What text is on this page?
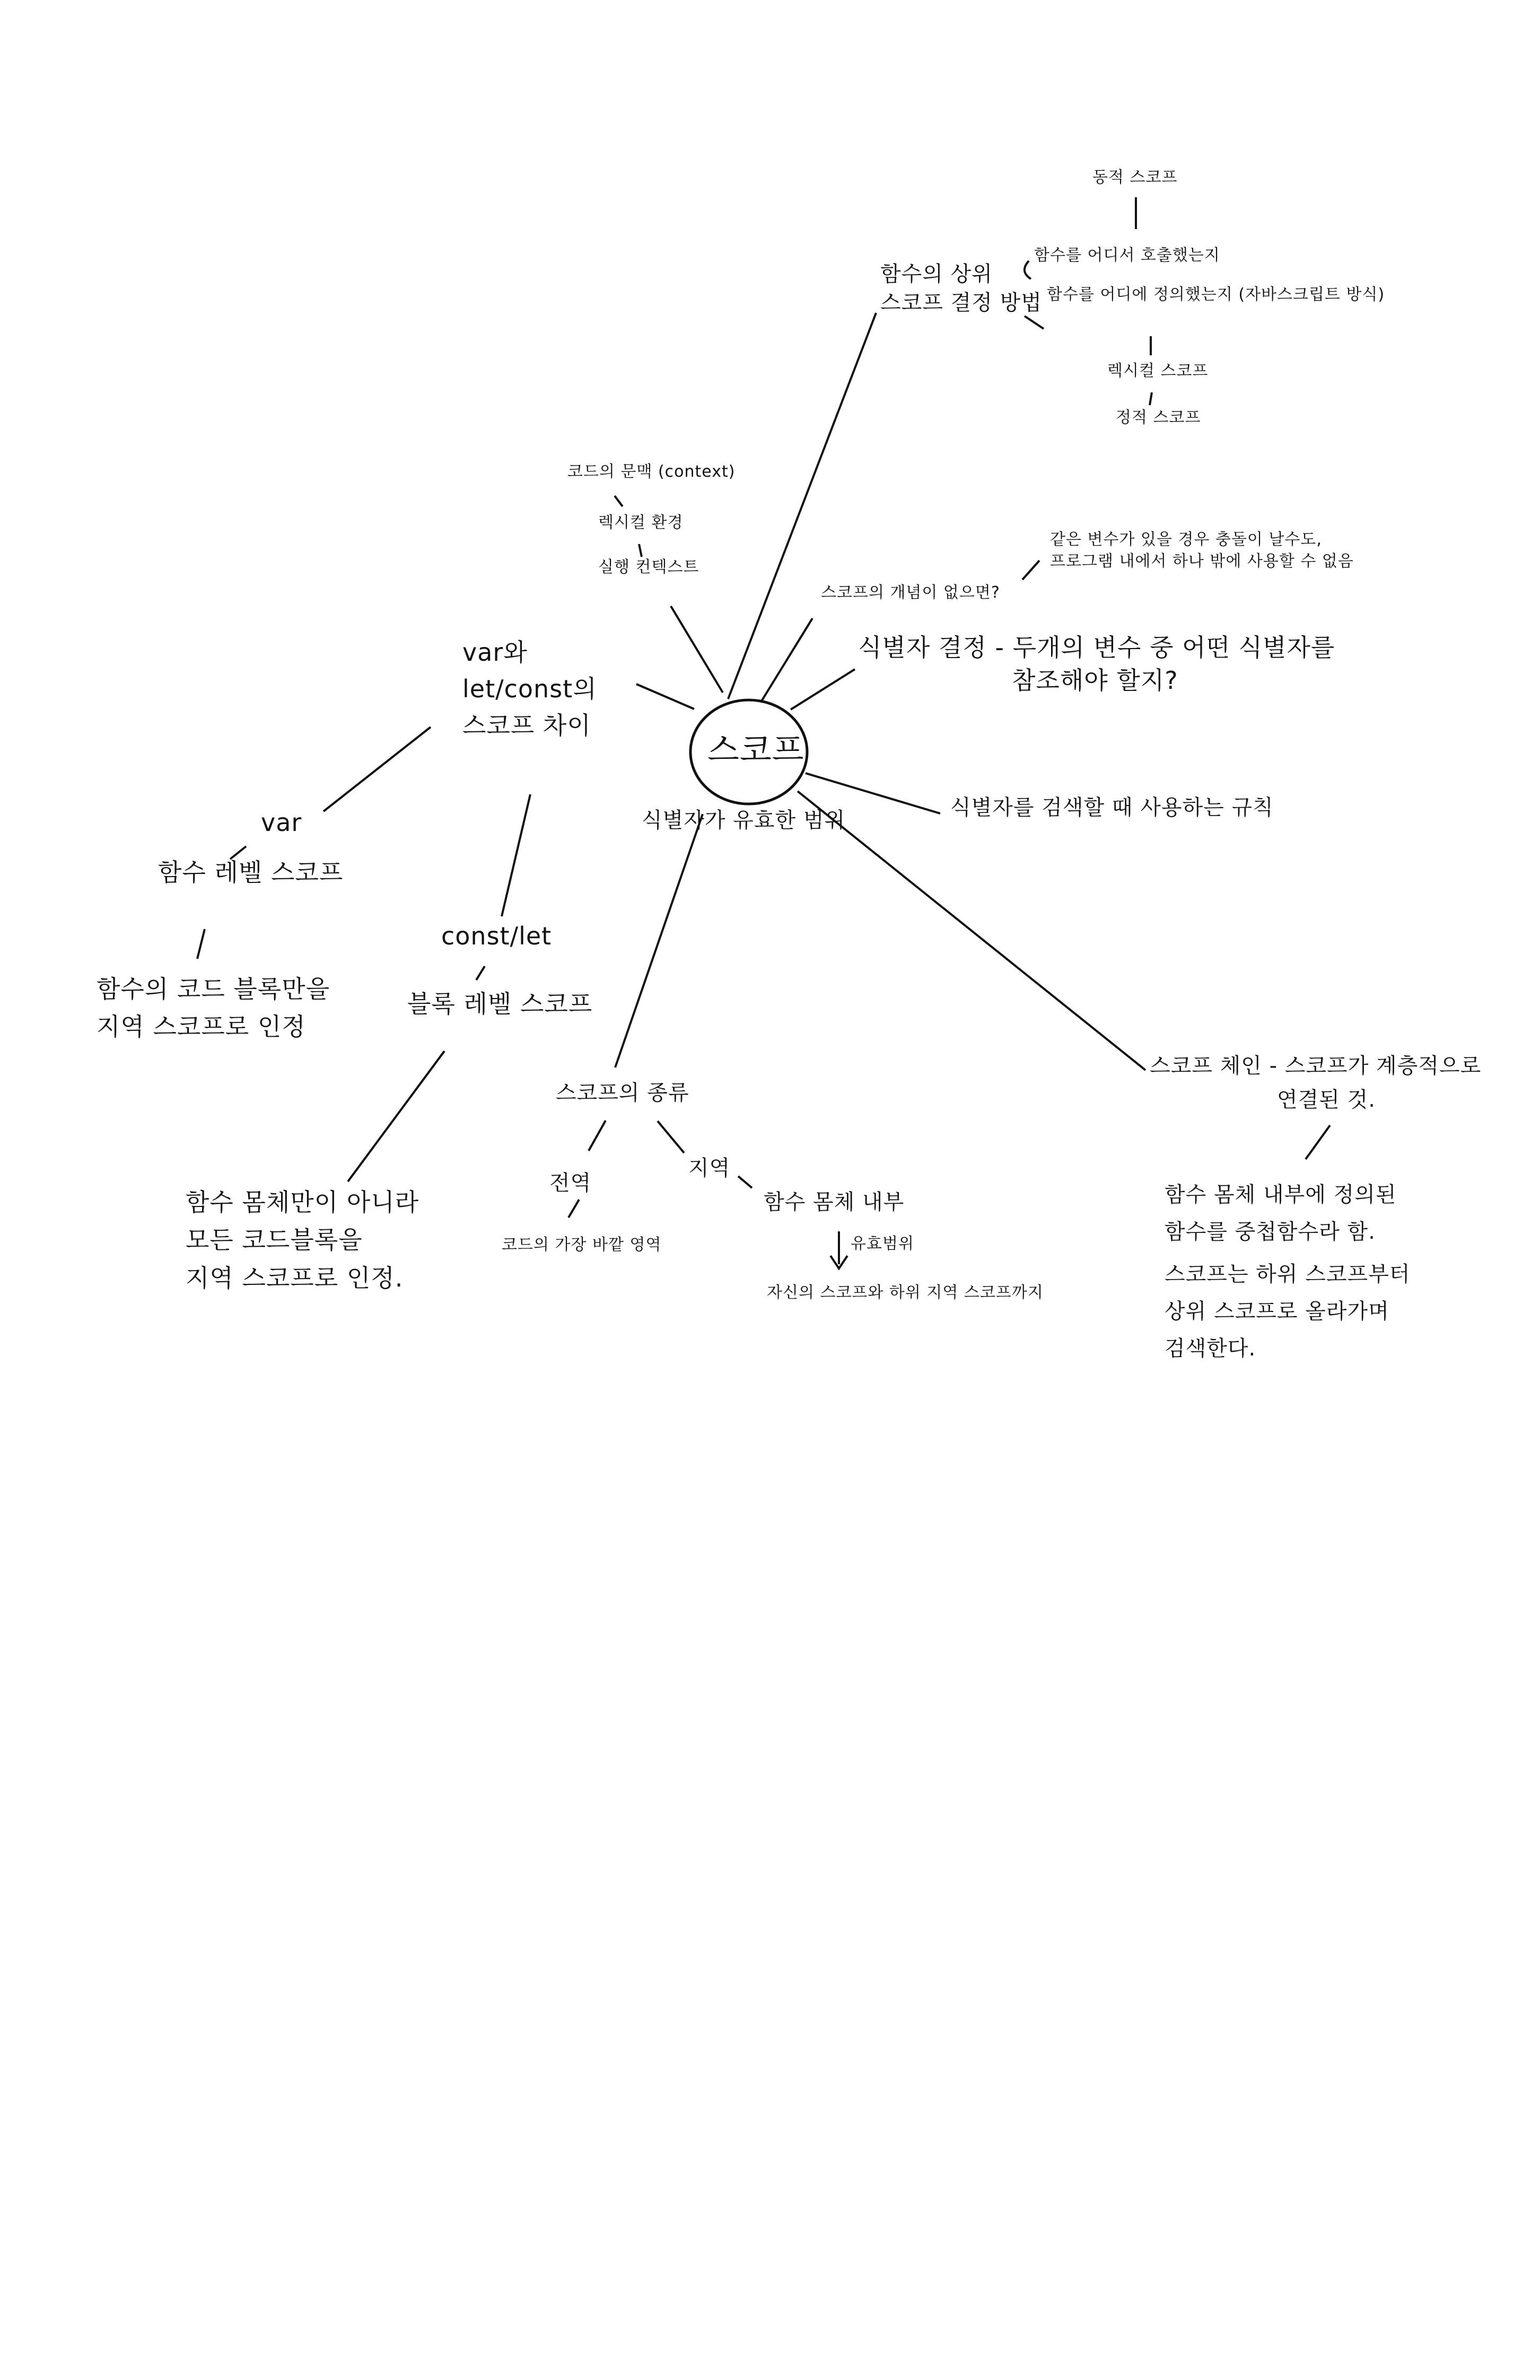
스코프
식별자가 유효한 범위
함수의 상위
스코프 결정 방법
동적 스코프
함수를 어디서 호출했는지
함수를 어디에 정의했는지 (자바스크립트 방식)
렉시컬 스코프
정적 스코프
코드의 문맥 (context)
렉시컬 환경
실행 컨텍스트
스코프의 개념이 없으면?
같은 변수가 있을 경우 충돌이 날수도,
프로그램 내에서 하나 밖에 사용할 수 없음
식별자 결정 - 두개의 변수 중 어떤 식별자를
참조해야 할지?
식별자를 검색할 때 사용하는 규칙
var와
let/const의
스코프 차이
var
함수 레벨 스코프
함수의 코드 블록만을
지역 스코프로 인정
const/let
블록 레벨 스코프
함수 몸체만이 아니라
모든 코드블록을
지역 스코프로 인정.
스코프의 종류
전역
코드의 가장 바깥 영역
지역
함수 몸체 내부
유효범위
자신의 스코프와 하위 지역 스코프까지
스코프 체인 - 스코프가 계층적으로
연결된 것.
함수 몸체 내부에 정의된
함수를 중첩함수라 함.
스코프는 하위 스코프부터
상위 스코프로 올라가며
검색한다.
